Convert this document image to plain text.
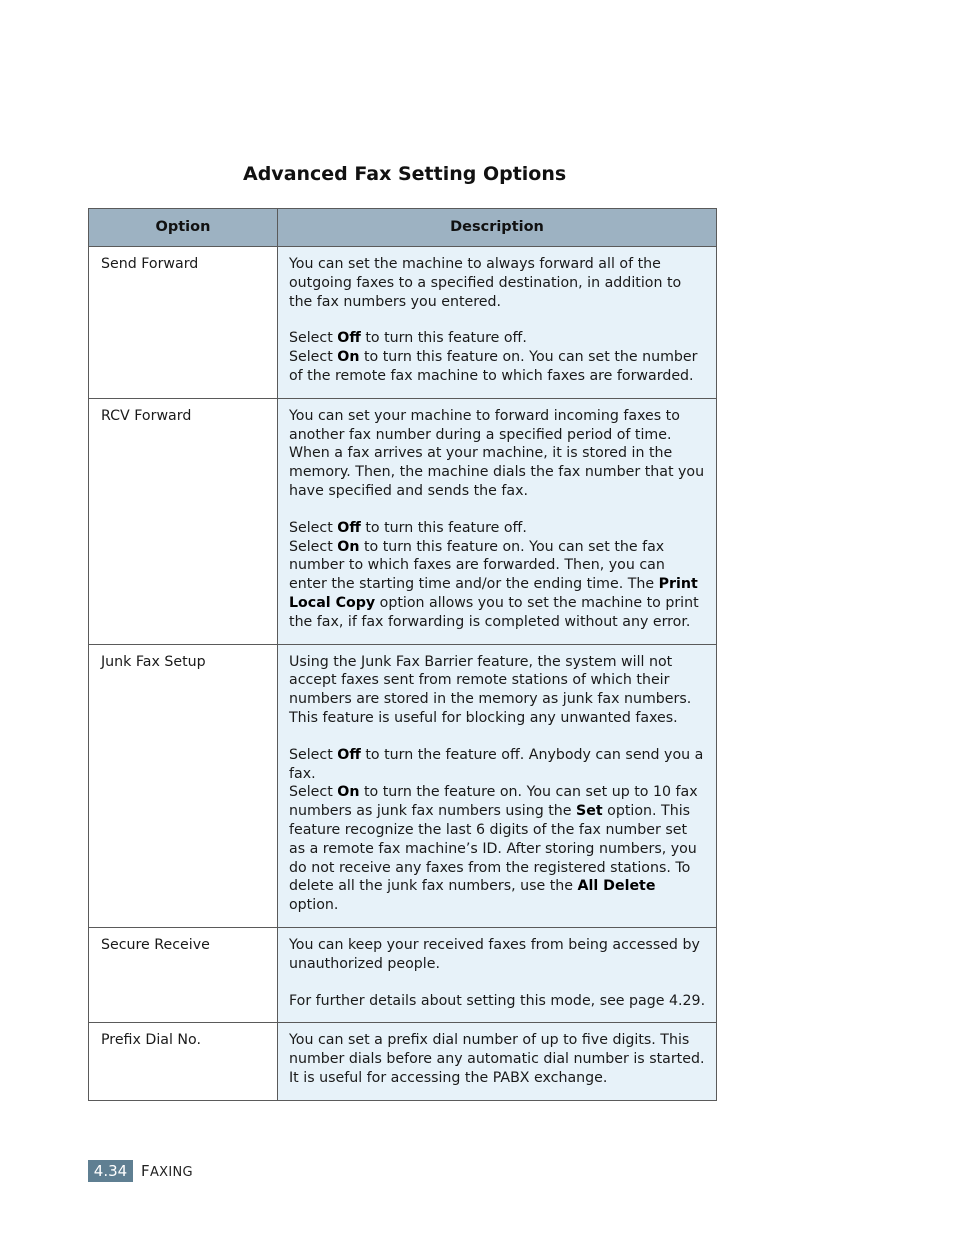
Advanced Fax Setting Options
Option	Description
Send Forward	You can set the machine to always forward all of the outgoing faxes to a specified destination, in addition to the fax numbers you entered.

Select Off to turn this feature off.

Select On to turn this feature on. You can set the number of the remote fax machine to which faxes are forwarded.

RCV Forward	You can set your machine to forward incoming faxes to another fax number during a specified period of time. When a fax arrives at your machine, it is stored in the memory. Then, the machine dials the fax number that you have specified and sends the fax.

Select Off to turn this feature off.

Select On to turn this feature on. You can set the fax number to which faxes are forwarded. Then, you can enter the starting time and/or the ending time. The Print Local Copy option allows you to set the machine to print the fax, if fax forwarding is completed without any error.

Junk Fax Setup	Using the Junk Fax Barrier feature, the system will not accept faxes sent from remote stations of which their numbers are stored in the memory as junk fax numbers. This feature is useful for blocking any unwanted faxes.

Select Off to turn the feature off. Anybody can send you a fax.

Select On to turn the feature on. You can set up to 10 fax numbers as junk fax numbers using the Set option. This feature recognize the last 6 digits of the fax number set as a remote fax machine’s ID. After storing numbers, you do not receive any faxes from the registered stations. To delete all the junk fax numbers, use the All Delete option.

Secure Receive	You can keep your received faxes from being accessed by unauthorized people.

For further details about setting this mode, see page 4.29.

Prefix Dial No.	You can set a prefix dial number of up to five digits. This number dials before any automatic dial number is started. It is useful for accessing the PABX exchange.

4.34 FAXING
